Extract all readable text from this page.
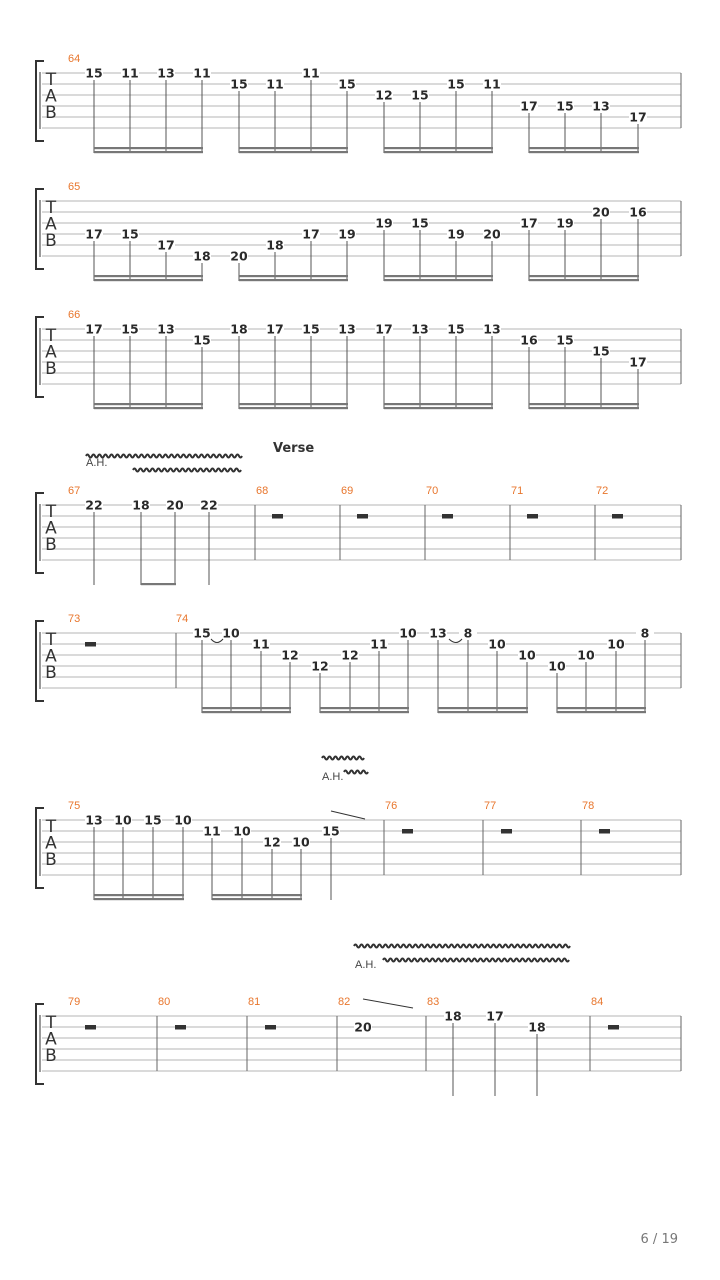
T
A
B
64
15 11 13 11
15 11
11
15
12 15
15 11
17 15 13
17
T
A
B
65
17 15
17
18 20
18
17 19
19 15
19 20
17 19
20 16
T
A
B
66
17 15 13
15
18 17 15 13 17 13 15 13
16 15
15
17
T
A
B
67	68	69	70	71	72
22 18 20 22
T
A
B
73	74
15 10
11
12
12
12
11
10 13 8
10
10
10
10
10
8
T
A
B
75	76	77	78
13 10 15 10
11 10
12 10
15
T
A
B
79	80	81	82	83	84
20
18 17
18
Verse
A.H.
A.H.
A.H.
6 / 19
